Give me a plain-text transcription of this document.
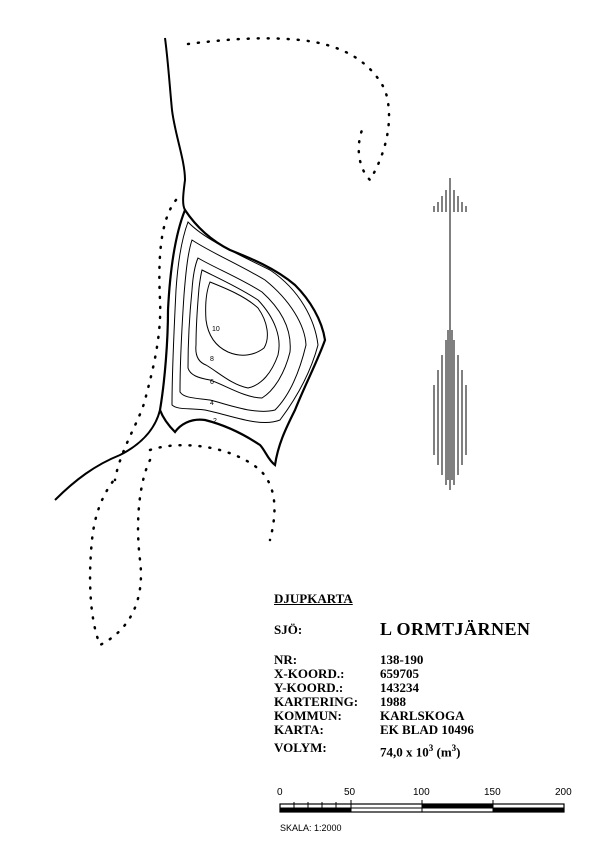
10
8
6
4
2
DJUPKARTA
SJÖ:	L ORMTJÄRNEN
NR:	138-190
X-KOORD.:	659705
Y-KOORD.:	143234
KARTERING: 1988
KOMMUN:	KARLSKOGA
KARTA:	EK BLAD 10496
VOLYM:	74,0 x $10^3$ $(m^3)$
0	50	100	150	200
SKALA: 1:2000
